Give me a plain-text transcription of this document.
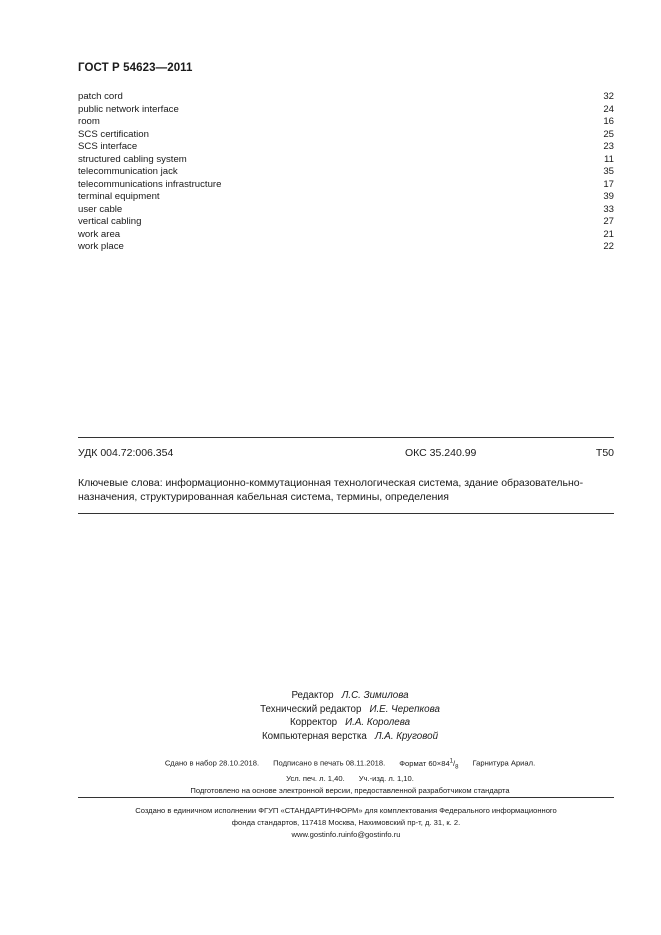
ГОСТ Р 54623—2011
patch cord	32
public network interface	24
room	16
SCS certification	25
SCS interface	23
structured cabling system	11
telecommunication jack	35
telecommunications infrastructure	17
terminal equipment	39
user cable	33
vertical cabling	27
work area	21
work place	22
УДК 004.72:006.354	ОКС 35.240.99	Т50
Ключевые слова: информационно-коммутационная технологическая система, здание образовательно-
назначения, структурированная кабельная система, термины, определения
Редактор Л.С. Зимилова
Технический редактор И.Е. Черепкова
Корректор И.А. Королева
Компьютерная верстка Л.А. Круговой
Сдано в набор 28.10.2018. Подписано в печать 08.11.2018. Формат $60\times 84^1/_8$ Гарнитура Ариал.
Усл. печ. л. 1,40. Уч.-изд. л. 1,10.
Подготовлено на основе электронной версии, предоставленной разработчиком стандарта
Создано в единичном исполнении ФГУП «СТАНДАРТИНФОРМ» для комплектования Федерального информационного
фонда стандартов, 117418 Москва, Нахимовский пр-т, д. 31, к. 2.
www.gostinfo.ruinfo@gostinfo.ru
